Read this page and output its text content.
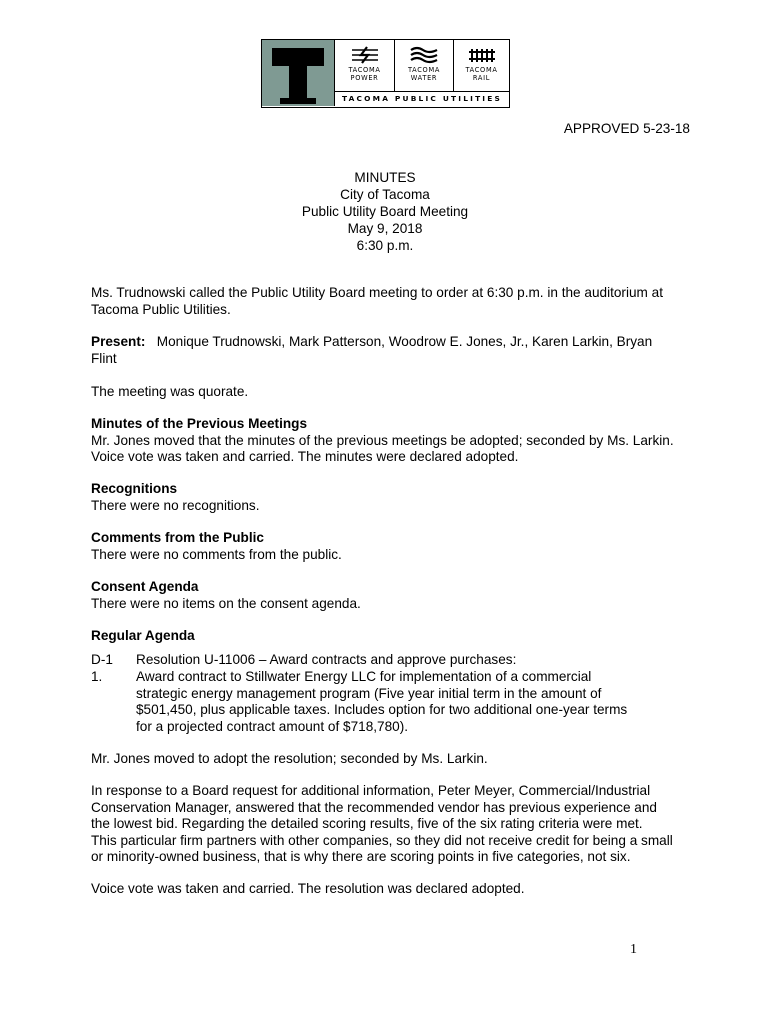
TACOMA
POWER
TACOMA
WATER
TACOMA
RAIL
TACOMA PUBLIC UTILITIES
APPROVED 5-23-18
MINUTES
City of Tacoma
Public Utility Board Meeting
May 9, 2018
6:30 p.m.
Ms. Trudnowski called the Public Utility Board meeting to order at 6:30 p.m. in the auditorium at
Tacoma Public Utilities.
Present: Monique Trudnowski, Mark Patterson, Woodrow E. Jones, Jr., Karen Larkin, Bryan
Flint
The meeting was quorate.
Minutes of the Previous Meetings
Mr. Jones moved that the minutes of the previous meetings be adopted; seconded by Ms. Larkin.
Voice vote was taken and carried. The minutes were declared adopted.
Recognitions
There were no recognitions.
Comments from the Public
There were no comments from the public.
Consent Agenda
There were no items on the consent agenda.
Regular Agenda
D-1 Resolution U-11006 – Award contracts and approve purchases:
1. Award contract to Stillwater Energy LLC for implementation of a commercial
strategic energy management program (Five year initial term in the amount of
$501,450, plus applicable taxes. Includes option for two additional one-year terms
for a projected contract amount of $718,780).
Mr. Jones moved to adopt the resolution; seconded by Ms. Larkin.
In response to a Board request for additional information, Peter Meyer, Commercial/Industrial
Conservation Manager, answered that the recommended vendor has previous experience and
the lowest bid. Regarding the detailed scoring results, five of the six rating criteria were met.
This particular firm partners with other companies, so they did not receive credit for being a small
or minority-owned business, that is why there are scoring points in five categories, not six.
Voice vote was taken and carried. The resolution was declared adopted.
1
